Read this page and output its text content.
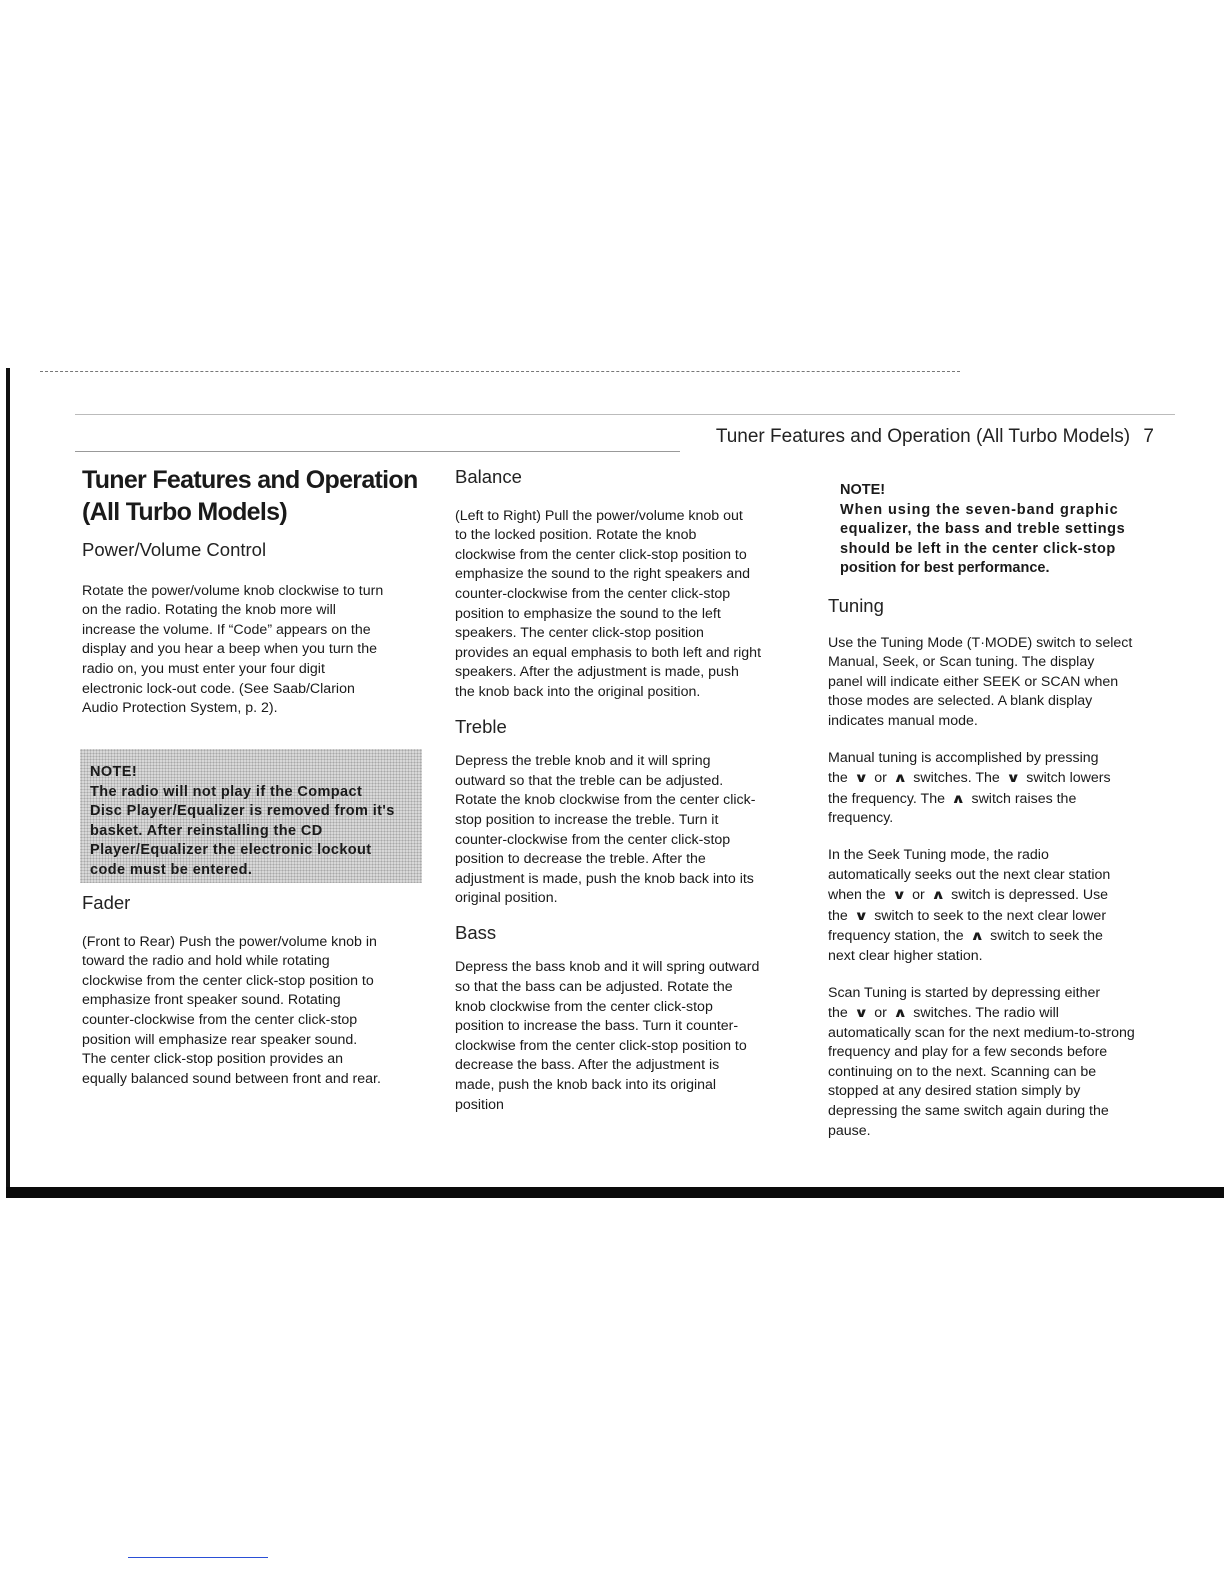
Tuner Features and Operation (All Turbo Models) 7
Tuner Features and Operation
(All Turbo Models)
Power/Volume Control

Rotate the power/volume knob clockwise to turn

on the radio. Rotating the knob more will

increase the volume. If “Code” appears on the

display and you hear a beep when you turn the

radio on, you must enter your four digit

electronic lock-out code. (See Saab/Clarion

Audio Protection System, p. 2).

NOTE!

The radio will not play if the Compact

Disc Player/Equalizer is removed from it's

basket. After reinstalling the CD

Player/Equalizer the electronic lockout

code must be entered.

Fader

(Front to Rear) Push the power/volume knob in

toward the radio and hold while rotating

clockwise from the center click-stop position to

emphasize front speaker sound. Rotating

counter-clockwise from the center click-stop

position will emphasize rear speaker sound.

The center click-stop position provides an

equally balanced sound between front and rear.

Balance

(Left to Right) Pull the power/volume knob out

to the locked position. Rotate the knob

clockwise from the center click-stop position to

emphasize the sound to the right speakers and

counter-clockwise from the center click-stop

position to emphasize the sound to the left

speakers. The center click-stop position

provides an equal emphasis to both left and right

speakers. After the adjustment is made, push

the knob back into the original position.

Treble

Depress the treble knob and it will spring

outward so that the treble can be adjusted.

Rotate the knob clockwise from the center click-

stop position to increase the treble. Turn it

counter-clockwise from the center click-stop

position to decrease the treble. After the

adjustment is made, push the knob back into its

original position.

Bass

Depress the bass knob and it will spring outward

so that the bass can be adjusted. Rotate the

knob clockwise from the center click-stop

position to increase the bass. Turn it counter-

clockwise from the center click-stop position to

decrease the bass. After the adjustment is

made, push the knob back into its original

position

NOTE!

When using the seven-band graphic

equalizer, the bass and treble settings

should be left in the center click-stop

position for best performance.

Tuning

Use the Tuning Mode (T·MODE) switch to select

Manual, Seek, or Scan tuning. The display

panel will indicate either SEEK or SCAN when

those modes are selected. A blank display

indicates manual mode.

Manual tuning is accomplished by pressing

the ∨ or ∧ switches. The ∨ switch lowers

the frequency. The ∧ switch raises the

frequency.

In the Seek Tuning mode, the radio

automatically seeks out the next clear station

when the ∨ or ∧ switch is depressed. Use

the ∨ switch to seek to the next clear lower

frequency station, the ∧ switch to seek the

next clear higher station.

Scan Tuning is started by depressing either

the ∨ or ∧ switches. The radio will

automatically scan for the next medium-to-strong

frequency and play for a few seconds before

continuing on to the next. Scanning can be

stopped at any desired station simply by

depressing the same switch again during the

pause.
